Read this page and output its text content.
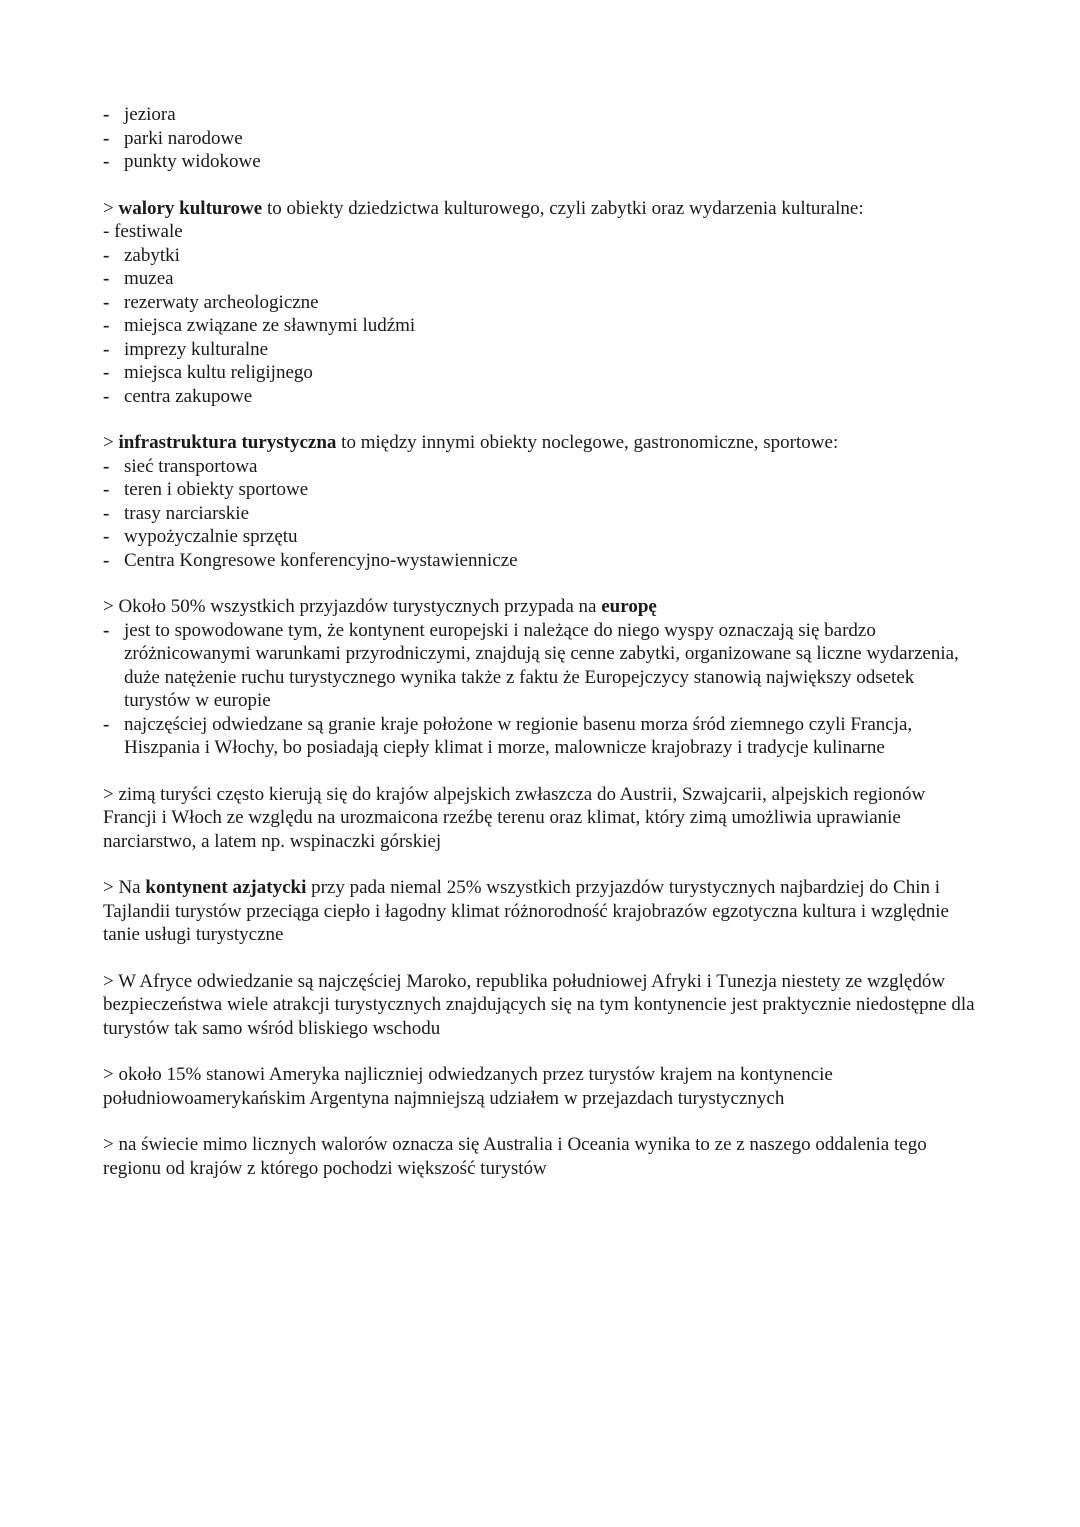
- jeziora
- parki narodowe
- punkty widokowe

> walory kulturowe to obiekty dziedzictwa kulturowego, czyli zabytki oraz wydarzenia kulturalne:

- festiwale

- zabytki
- muzea
- rezerwaty archeologiczne
- miejsca związane ze sławnymi ludźmi
- imprezy kulturalne
- miejsca kultu religijnego
- centra zakupowe

> infrastruktura turystyczna to między innymi obiekty noclegowe, gastronomiczne, sportowe:

- sieć transportowa
- teren i obiekty sportowe
- trasy narciarskie
- wypożyczalnie sprzętu
- Centra Kongresowe konferencyjno-wystawiennicze

> Około 50% wszystkich przyjazdów turystycznych przypada na europę

- jest to spowodowane tym, że kontynent europejski i należące do niego wyspy oznaczają się bardzo zróżnicowanymi warunkami przyrodniczymi, znajdują się cenne zabytki, organizowane są liczne wydarzenia, duże natężenie ruchu turystycznego wynika także z faktu że Europejczycy stanowią największy odsetek turystów w europie
- najczęściej odwiedzane są granie kraje położone w regionie basenu morza śród ziemnego czyli Francja, Hiszpania i Włochy, bo posiadają ciepły klimat i morze, malownicze krajobrazy i tradycje kulinarne

> zimą turyści często kierują się do krajów alpejskich zwłaszcza do Austrii, Szwajcarii, alpejskich regionów Francji i Włoch ze względu na urozmaicona rzeźbę terenu oraz klimat, który zimą umożliwia uprawianie narciarstwo, a latem np. wspinaczki górskiej

> Na kontynent azjatycki przy pada niemal 25% wszystkich przyjazdów turystycznych najbardziej do Chin i Tajlandii turystów przeciąga ciepło i łagodny klimat różnorodność krajobrazów egzotyczna kultura i względnie tanie usługi turystyczne

> W Afryce odwiedzanie są najczęściej Maroko, republika południowej Afryki i Tunezja niestety ze względów bezpieczeństwa wiele atrakcji turystycznych znajdujących się na tym kontynencie jest praktycznie niedostępne dla turystów tak samo wśród bliskiego wschodu

> około 15% stanowi Ameryka najliczniej odwiedzanych przez turystów krajem na kontynencie południowoamerykańskim Argentyna najmniejszą udziałem w przejazdach turystycznych

> na świecie mimo licznych walorów oznacza się Australia i Oceania wynika to ze z naszego oddalenia tego regionu od krajów z którego pochodzi większość turystów
